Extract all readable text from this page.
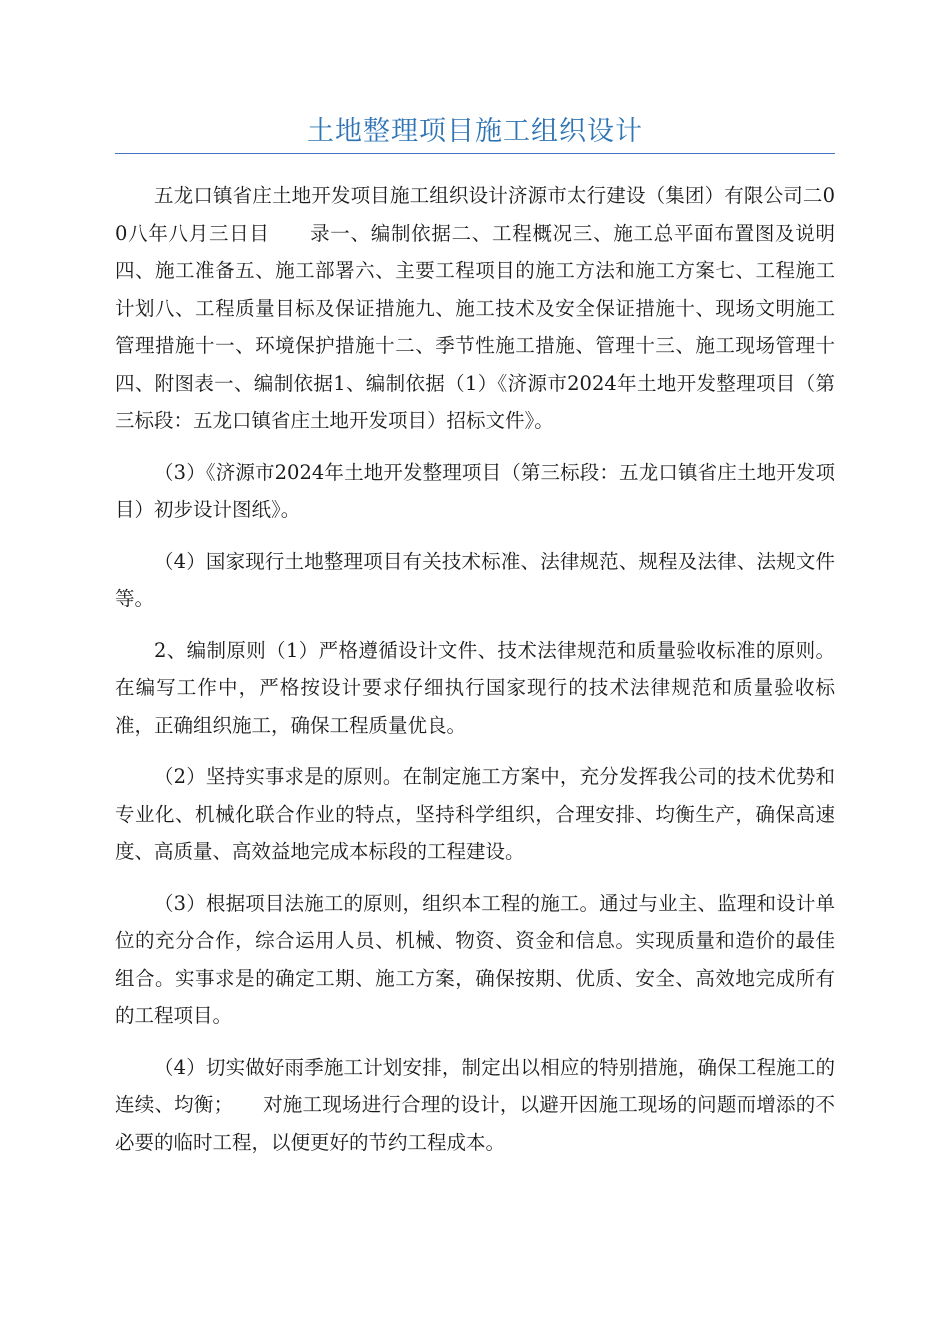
土地整理项目施工组织设计

五龙口镇省庄土地开发项目施工组织设计济源市太行建设（集团）有限公司二00八年八月三日目　　录一、编制依据二、工程概况三、施工总平面布置图及说明四、施工准备五、施工部署六、主要工程项目的施工方法和施工方案七、工程施工计划八、工程质量目标及保证措施九、施工技术及安全保证措施十、现场文明施工管理措施十一、环境保护措施十二、季节性施工措施、管理十三、施工现场管理十四、附图表一、编制依据1、编制依据（1）《济源市2024年土地开发整理项目（第三标段：五龙口镇省庄土地开发项目）招标文件》。

（3）《济源市2024年土地开发整理项目（第三标段：五龙口镇省庄土地开发项目）初步设计图纸》。

（4）国家现行土地整理项目有关技术标准、法律规范、规程及法律、法规文件等。

2、编制原则（1）严格遵循设计文件、技术法律规范和质量验收标准的原则。在编写工作中，严格按设计要求仔细执行国家现行的技术法律规范和质量验收标准，正确组织施工，确保工程质量优良。

（2）坚持实事求是的原则。在制定施工方案中，充分发挥我公司的技术优势和专业化、机械化联合作业的特点，坚持科学组织，合理安排、均衡生产，确保高速度、高质量、高效益地完成本标段的工程建设。

（3）根据项目法施工的原则，组织本工程的施工。通过与业主、监理和设计单位的充分合作，综合运用人员、机械、物资、资金和信息。实现质量和造价的最佳组合。实事求是的确定工期、施工方案，确保按期、优质、安全、高效地完成所有的工程项目。

（4）切实做好雨季施工计划安排，制定出以相应的特别措施，确保工程施工的连续、均衡；　　对施工现场进行合理的设计，以避开因施工现场的问题而增添的不必要的临时工程，以便更好的节约工程成本。
